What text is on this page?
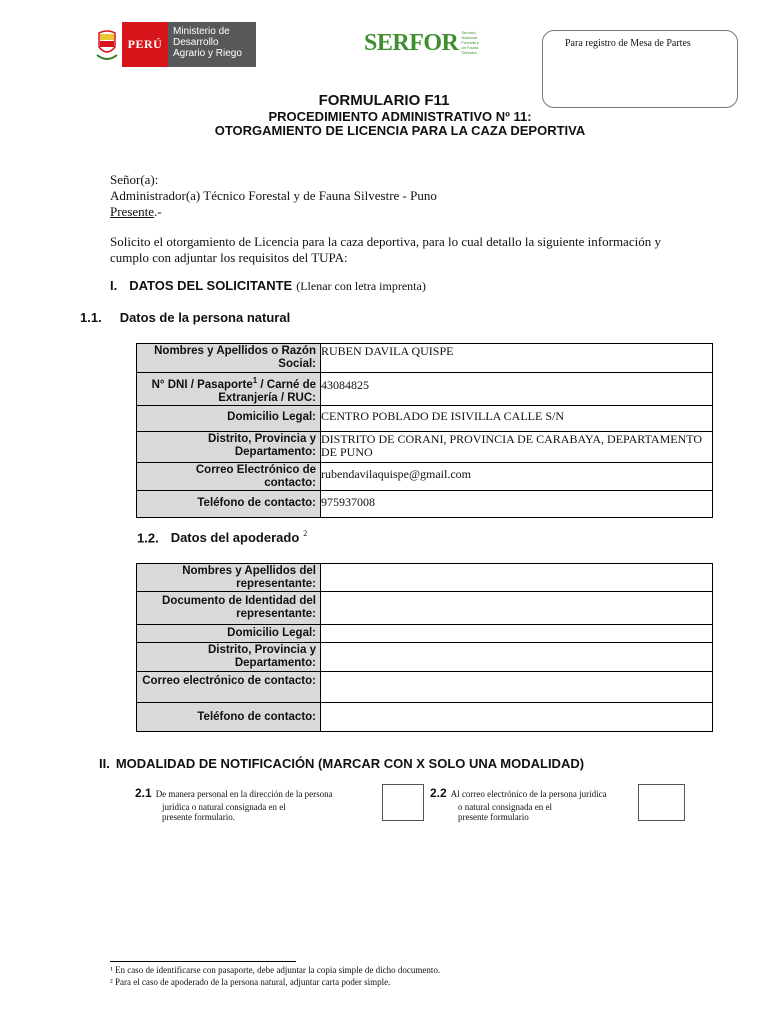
PERÚ
Ministerio de Desarrollo Agrario y Riego	SERFOR Servicio Nacional Forestal y de Fauna Silvestre
Para registro de Mesa de Partes
FORMULARIO F11
PROCEDIMIENTO ADMINISTRATIVO Nº 11:
OTORGAMIENTO DE LICENCIA PARA LA CAZA DEPORTIVA
Señor(a):
Administrador(a) Técnico Forestal y de Fauna Silvestre - Puno
Presente.-
Solicito el otorgamiento de Licencia para la caza deportiva, para lo cual detallo la siguiente información y
cumplo con adjuntar los requisitos del TUPA:
I. DATOS DEL SOLICITANTE (Llenar con letra imprenta)
1.1. Datos de la persona natural
Nombres y Apellidos o Razón Social:	RUBEN DAVILA QUISPE
N° DNI / Pasaporte$^1$ / Carné de Extranjería / RUC:	43084825
Domicilio Legal:	CENTRO POBLADO DE ISIVILLA CALLE S/N
Distrito, Provincia y Departamento:	DISTRITO DE CORANI, PROVINCIA DE CARABAYA, DEPARTAMENTO DE PUNO
Correo Electrónico de contacto:	rubendavilaquispe@gmail.com
Teléfono de contacto:	975937008
1.2. Datos del apoderado $^2$
Nombres y Apellidos del representante:	
Documento de Identidad del representante:	
Domicilio Legal:	
Distrito, Provincia y Departamento:	
Correo electrónico de contacto:	
Teléfono de contacto:	
II. MODALIDAD DE NOTIFICACIÓN (MARCAR CON X SOLO UNA MODALIDAD)
2.1 De manera personal en la dirección de la persona
jurídica o natural consignada en el
presente formulario.
2.2 Al correo electrónico de la persona jurídica
o natural consignada en el
presente formulario
¹ En caso de identificarse con pasaporte, debe adjuntar la copia simple de dicho documento.
² Para el caso de apoderado de la persona natural, adjuntar carta poder simple.
